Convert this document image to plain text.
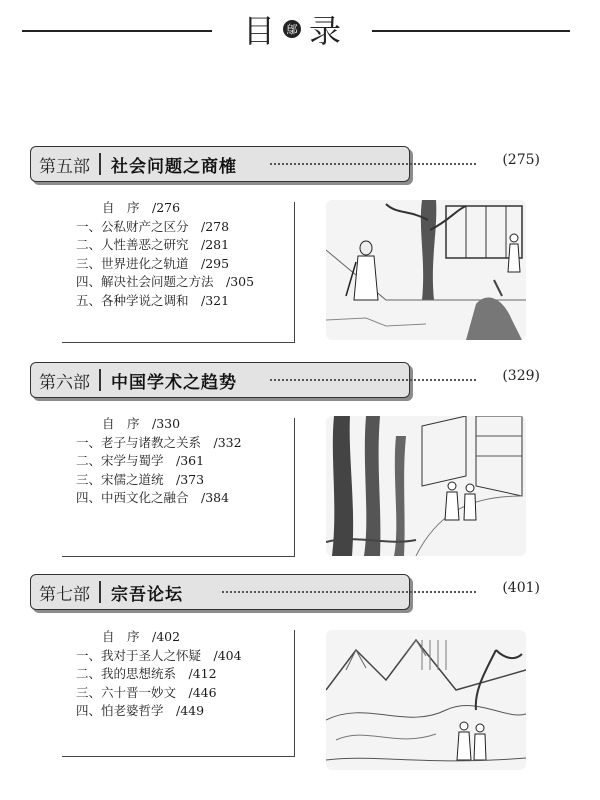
目 鄔 录
第五部	社会问题之商榷	(275)
自　序　∕276
一、公私财产之区分　∕278
二、人性善恶之研究　∕281
三、世界进化之轨道　∕295
四、解决社会问题之方法　∕305
五、各种学说之调和　∕321
第六部	中国学术之趋势	(329)
自　序　∕330
一、老子与诸教之关系　∕332
二、宋学与蜀学　∕361
三、宋儒之道统　∕373
四、中西文化之融合　∕384
第七部	宗吾论坛	(401)
自　序　∕402
一、我对于圣人之怀疑　∕404
二、我的思想统系　∕412
三、六十晋一妙文　∕446
四、怕老婆哲学　∕449
